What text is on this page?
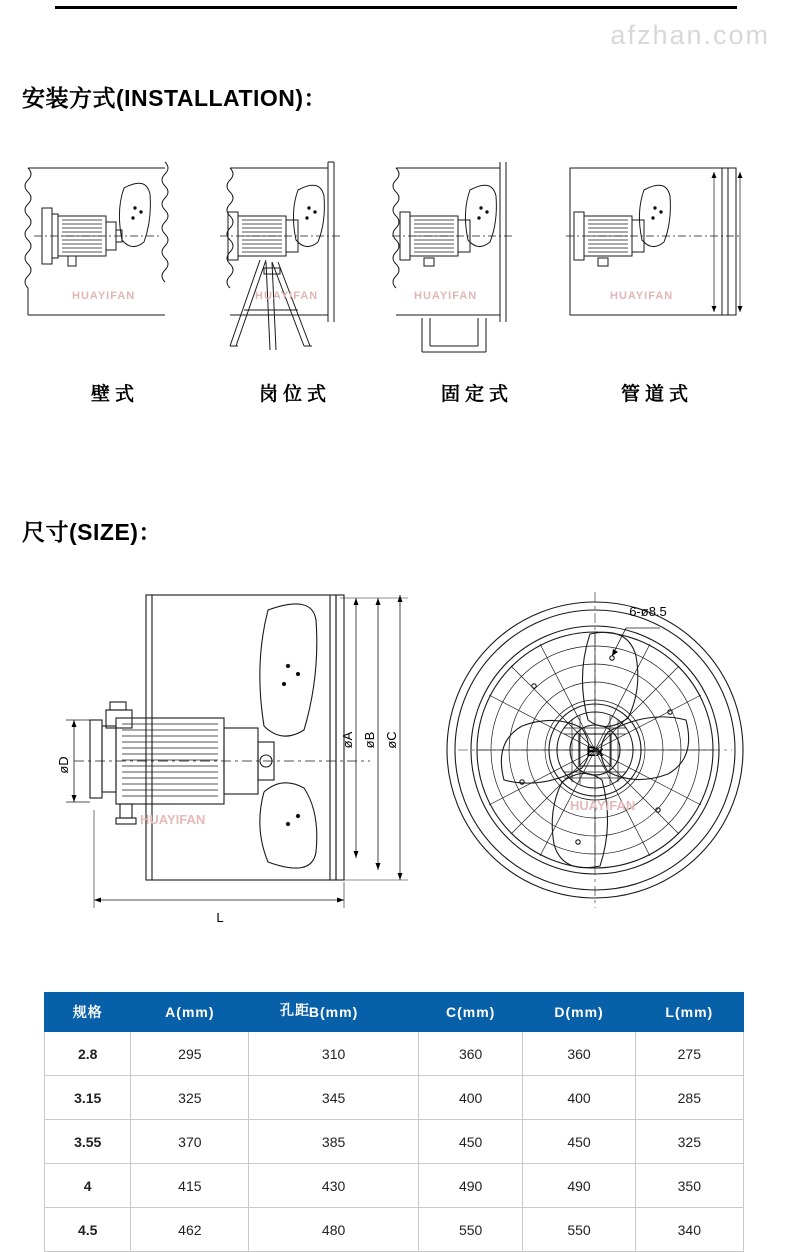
afzhan.com
安装方式(INSTALLATION)：
HUAYIFAN
壁式
HUAYIFAN
岗位式
HUAYIFAN
固定式
HUAYIFAN
管道式
尺寸(SIZE)：
øD
øA øB øC
L
HUAYIFAN
6-ø8.5
Ex
HUAYIFAN
规格	A(mm)	B(mm)	C(mm)	D(mm)	L(mm)
2.8	295	310	360	360	275
3.15	325	345	400	400	285
3.55	370	385	450	450	325
4	415	430	490	490	350
4.5	462	480	550	550	340
孔距
